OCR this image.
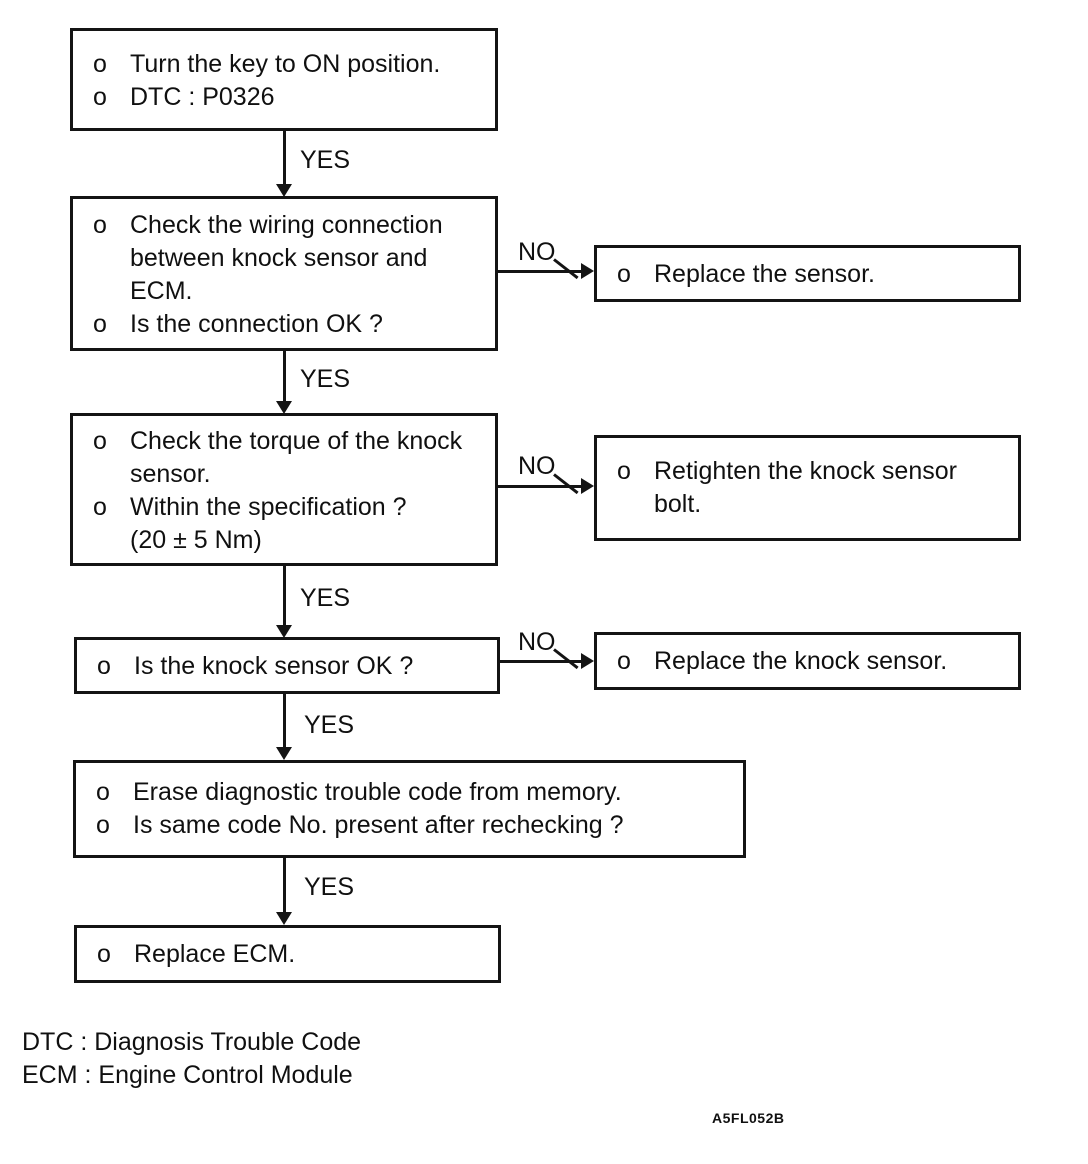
o Turn the key to ON position.
o DTC : P0326
YES
o Check the wiring connection
between knock sensor and
ECM.
o Is the connection OK ?
NO
o Replace the sensor.
YES
o Check the torque of the knock
sensor.
o Within the specification ?
(20 ± 5 Nm)
NO o Retighten the knock sensor
bolt.
YES
o Is the knock sensor OK ?
NO
o Replace the knock sensor.
YES
o Erase diagnostic trouble code from memory.
o Is same code No. present after rechecking ?
YES
o Replace ECM.
DTC : Diagnosis Trouble Code
ECM : Engine Control Module
A5FL052B
